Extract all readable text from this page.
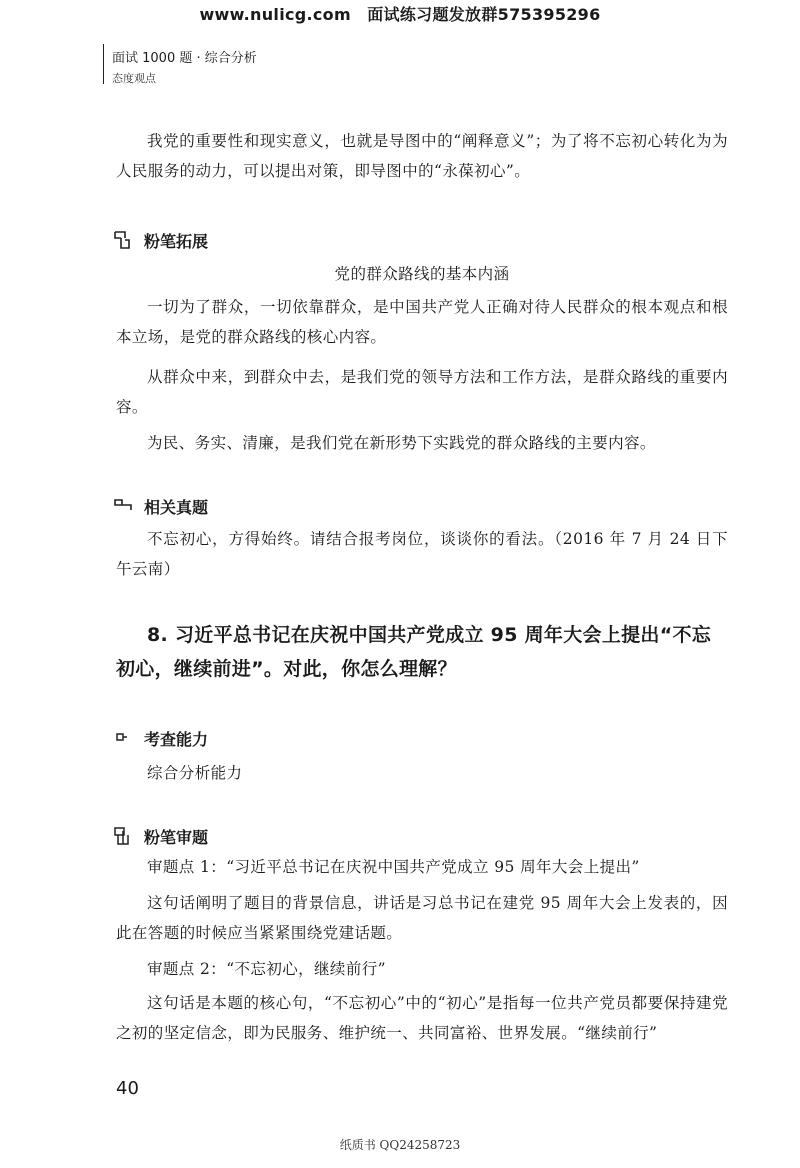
www.nulicg.com　面试练习题发放群575395296
面试 1000 题 · 综合分析
态度观点
我党的重要性和现实意义，也就是导图中的“阐释意义”；为了将不忘初心转化为为人民服务的动力，可以提出对策，即导图中的“永葆初心”。
粉笔拓展
党的群众路线的基本内涵
一切为了群众，一切依靠群众，是中国共产党人正确对待人民群众的根本观点和根本立场，是党的群众路线的核心内容。
从群众中来，到群众中去，是我们党的领导方法和工作方法，是群众路线的重要内容。
为民、务实、清廉，是我们党在新形势下实践党的群众路线的主要内容。
相关真题
不忘初心，方得始终。请结合报考岗位，谈谈你的看法。（2016 年 7 月 24 日下午云南）
8. 习近平总书记在庆祝中国共产党成立 95 周年大会上提出“不忘初心，继续前进”。对此，你怎么理解？
考查能力
综合分析能力
粉笔审题
审题点 1：“习近平总书记在庆祝中国共产党成立 95 周年大会上提出”
这句话阐明了题目的背景信息，讲话是习总书记在建党 95 周年大会上发表的，因此在答题的时候应当紧紧围绕党建话题。
审题点 2：“不忘初心，继续前行”
这句话是本题的核心句，“不忘初心”中的“初心”是指每一位共产党员都要保持建党之初的坚定信念，即为民服务、维护统一、共同富裕、世界发展。“继续前行”
40
纸质书 QQ24258723
